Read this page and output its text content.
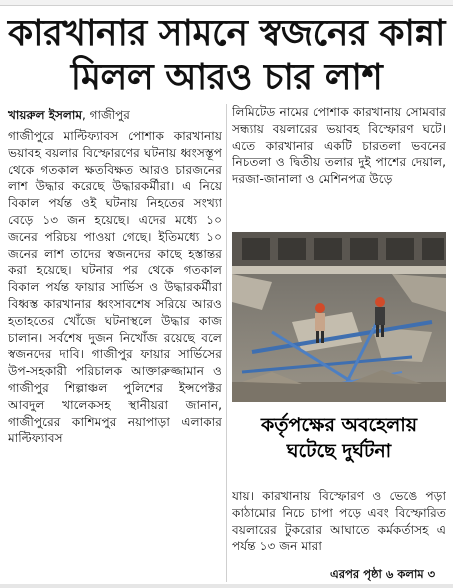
কারখানার সামনে স্বজনের কান্না
মিলল আরও চার লাশ
খায়রুল ইসলাম, গাজীপুর

গাজীপুরে মাল্টিফ্যাবস পোশাক কারখানায় ভয়াবহ বয়লার বিস্ফোরণের ঘটনায় ধ্বংসস্তূপ থেকে গতকাল ক্ষতবিক্ষত আরও চারজনের লাশ উদ্ধার করেছে উদ্ধারকর্মীরা। এ নিয়ে বিকাল পর্যন্ত ওই ঘটনায় নিহতের সংখ্যা বেড়ে ১৩ জন হয়েছে। এদের মধ্যে ১০ জনের পরিচয় পাওয়া গেছে। ইতিমধ্যে ১০ জনের লাশ তাদের স্বজনদের কাছে হস্তান্তর করা হয়েছে। ঘটনার পর থেকে গতকাল বিকাল পর্যন্ত ফায়ার সার্ভিস ও উদ্ধারকর্মীরা বিধ্বস্ত কারখানার ধ্বংসাবশেষ সরিয়ে আরও হতাহতের খোঁজে ঘটনাস্থলে উদ্ধার কাজ চালান। সর্বশেষ দুজন নিখোঁজ রয়েছে বলে স্বজনদের দাবি। গাজীপুর ফায়ার সার্ভিসের উপ-সহকারী পরিচালক আক্তারুজ্জামান ও গাজীপুর শিল্পাঞ্চল পুলিশের ইন্সপেক্টর আবদুল খালেকসহ স্থানীয়রা জানান, গাজীপুরের কাশিমপুর নয়াপাড়া এলাকার মাল্টিফ্যাবস

লিমিটেড নামের পোশাক কারখানায় সোমবার সন্ধ্যায় বয়লারের ভয়াবহ বিস্ফোরণ ঘটে। এতে কারখানার একটি চারতলা ভবনের নিচতলা ও দ্বিতীয় তলার দুই পাশের দেয়াল, দরজা-জানালা ও মেশিনপত্র উড়ে

কর্তৃপক্ষের অবহেলায়
ঘটেছে দুর্ঘটনা

যায়। কারখানায় বিস্ফোরণ ও ভেঙে পড়া কাঠামোর নিচে চাপা পড়ে এবং বিস্ফোরিত বয়লারের টুকরোর আঘাতে কর্মকর্তাসহ এ পর্যন্ত ১৩ জন মারা

এরপর পৃষ্ঠা ৬ কলাম ৩
